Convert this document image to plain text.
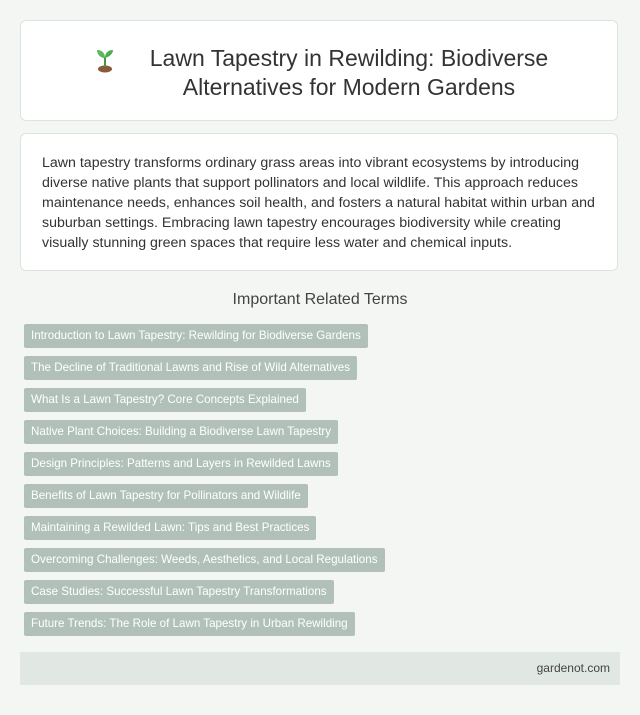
Lawn Tapestry in Rewilding: Biodiverse Alternatives for Modern Gardens

Lawn tapestry transforms ordinary grass areas into vibrant ecosystems by introducing diverse native plants that support pollinators and local wildlife. This approach reduces maintenance needs, enhances soil health, and fosters a natural habitat within urban and suburban settings. Embracing lawn tapestry encourages biodiversity while creating visually stunning green spaces that require less water and chemical inputs.

Important Related Terms
Introduction to Lawn Tapestry: Rewilding for Biodiverse Gardens
The Decline of Traditional Lawns and Rise of Wild Alternatives
What Is a Lawn Tapestry? Core Concepts Explained
Native Plant Choices: Building a Biodiverse Lawn Tapestry
Design Principles: Patterns and Layers in Rewilded Lawns
Benefits of Lawn Tapestry for Pollinators and Wildlife
Maintaining a Rewilded Lawn: Tips and Best Practices
Overcoming Challenges: Weeds, Aesthetics, and Local Regulations
Case Studies: Successful Lawn Tapestry Transformations
Future Trends: The Role of Lawn Tapestry in Urban Rewilding
gardenot.com
